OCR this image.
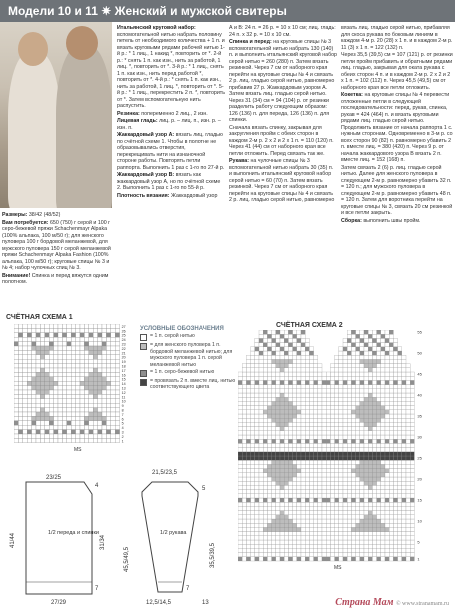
Модели 10 и 11 ✷ Женский и мужской свитеры

Размеры: 38/42 (48/52)

Вам потребуется: 650 (750) г серой и 100 г серо-бежевой пряжи Schachenmayr Alpaka (100% альпака, 100 м/50 г); для женского пуловера 100 г бордовой меланжевой, для мужского пуловера 150 г серой меланжевой пряжи Schachenmayr Alpaka Fashion (100% альпака, 100 м/50 г); круговые спицы № 3 и № 4; набор чулочных спиц № 3.

Внимание! Спинка и перед вяжутся одним полотном.

Итальянский круговой набор: вспомогательной нитью набрать половину петель от необходимого количества + 1 п. и вязать круговыми рядами рабочей нитью 1-й р.: * 1 лиц., 1 накид *, повторить от *. 2-й р.: * снять 1 п. как изн., нить за работой, 1 лиц. *, повторить от *. 3-й р.: * 1 лиц., снять 1 п. как изн., нить перед работой *, повторить от *. 4-й р.: * снять 1 п. как изн., нить за работой, 1 лиц. *, повторить от *. 5-й р.: * 1 лиц., перекрестить 2 п. *, повторить от *. Затем вспомогательную нить распустить.

Резинка: попеременно 2 лиц., 2 изн.

Лицевая гладь: лиц. р. – лиц. п., изн. р. – изн. п.

Жаккардовый узор А: вязать лиц. гладью по счётной схеме 1. Чтобы в полотне не образовывались отверстия, перекрещивать нити на изнаночной стороне работы. Повторять петли раппорта. Выполнить 1 раз с 1-го по 27-й р.

Жаккардовый узор В: вязать как жаккардовый узор А, но по счётной схеме 2. Выполнить 1 раз с 1-го по 55-й р.

Плотность вязания: Жаккардовый узор

А и В: 24 п. = 26 р. = 10 x 10 см; лиц. гладь: 24 п. x 32 р. = 10 x 10 см.

Спинка и перед: на круговые спицы № 3 вспомогательной нитью набрать 130 (140) п. и выполнить итальянский круговой набор серой нитью = 260 (280) п. Затем вязать резинкой. Через 7 см от наборного края перейти на круговые спицы № 4 и связать 2 р. лиц. гладью серой нитью, равномерно прибавив 27 р. Жаккардовым узором А. Затем вязать лиц. гладью серой нитью. Через 31 (34) см = 94 (104) р. от резинки разделить работу следующим образом: 126 (136) п. для переда, 126 (136) п. для спинки.

Сначала вязать спинку, закрывая для закругления пройм с обеих сторон в каждом 2-м р. 2 x 2 и 2 x 1 п. = 110 (120) п. Через 41 (44) см от наборного края все петли отложить. Перед связать так же.

Рукава: на чулочные спицы № 3 вспомогательной нитью набрать 30 (35) п. и выполнить итальянский круговой набор серой нитью = 60 (70) п. Затем вязать резинкой. Через 7 см от наборного края перейти на круговые спицы № 4 и связать 2 р. лиц. гладью серой нитью, равномерно

вязать лиц. гладью серой нитью, прибавляя для скоса рукава по боковым линиям в каждом 4-м р. 20 (28) x 1 п. и в каждом 2-м р. 11 (3) x 1 п. = 122 (132) п.

Через 35,5 (39,5) см = 107 (121) р. от резинки петли пройм прибавить и обратными рядами лиц. гладью, закрывая для оката рукава с обеих сторон 4 п. и в каждом 2-м р. 2 x 2 и 2 x 1 п. = 102 (112) п. Через 45,5 (49,5) см от наборного края все петли отложить.

Кокетка: на круговые спицы № 4 перевести отложенные петли в следующей последовательности: перед, рукав, спинка, рукав = 424 (464) п. и вязать круговыми рядами лиц. гладью серой нитью. Продолжить вязание от начала раппорта 1 с. нужным сторонам. Одновременно в 3-м р. со всех сторон 90 (82) п. равномерно убавить 2 п. вместе лиц. = 380 (420) п. Через 9 р. от начала жаккардового узора В вязать 2 п. вместе лиц. = 152 (168) п.

Затем связать 2 (6) р. лиц. гладью серой нитью. Далее для женского пуловера в следующем 2-м р. равномерно убавить 32 п. = 120 п.; для мужского пуловера в следующем 2-м р. равномерно убавить 48 п. = 120 п. Затем для воротника перейти на круговые спицы № 3, связать 20 см резинкой и все петли закрыть.

Сборка: выполнить швы пройм.

СЧЁТНАЯ СХЕМА 1
1
2
3
4
5
6
7
8
9
10
11
12
13
14
15
16
17
18
19
20
21
22
23
24
25
26
27
MS
УСЛОВНЫЕ ОБОЗНАЧЕНИЯ
= 1 п. серой нитью
= для женского пуловера 1 п. бордовой меланжевой нитью; для мужского пуловера 1 п. серой меланжевой нитью
= 1 п. серо-бежевой нитью
= провязать 2 п. вместе лиц. нитью соответствующего цвета
СЧЁТНАЯ СХЕМА 2
1
5
10
15
20
25
30
35
40
45
50
55
MS
23/25
4
41/44	31/34
1/2 переда и спинки
27/29
7
21,5/23,5
5
45,5/49,5	35,5/39,5
1/2 рукава
12,5/14,5	13
7
Страна Мам © www.stranamam.ru
